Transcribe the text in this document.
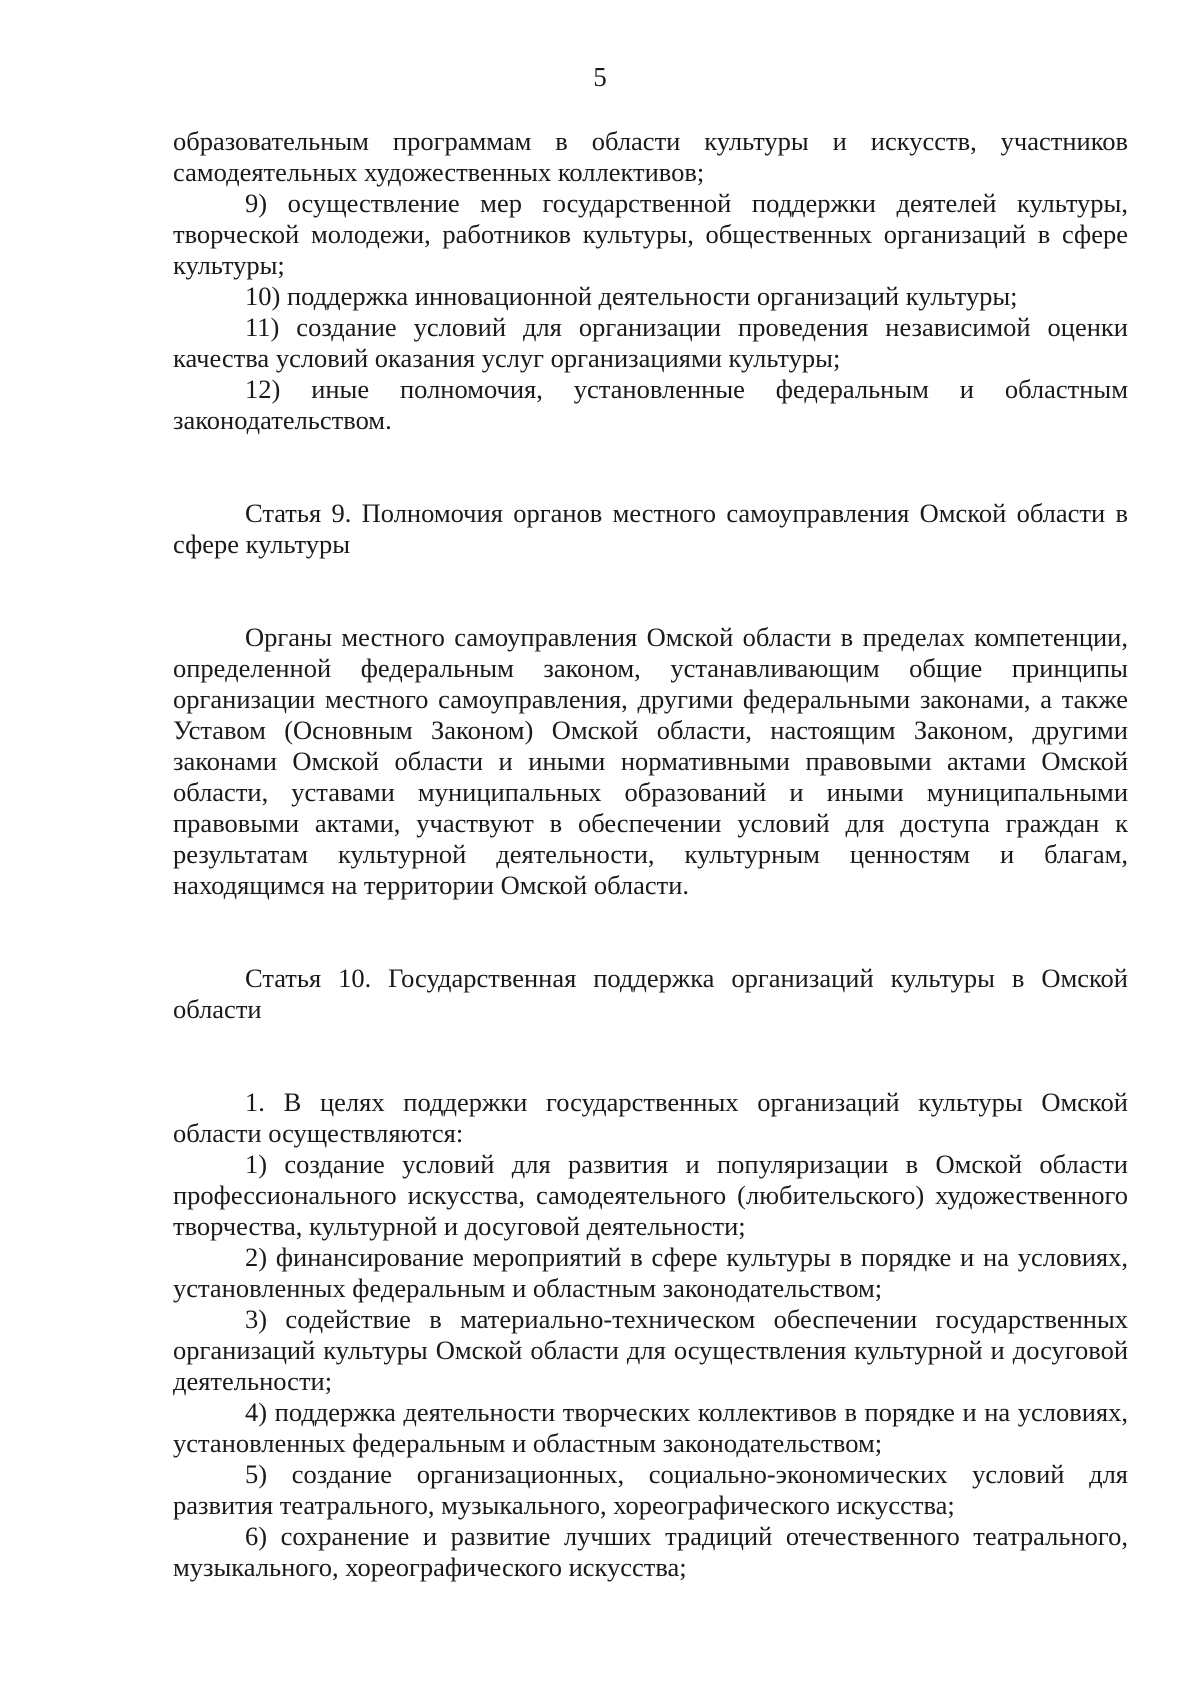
5

образовательным программам в области культуры и искусств, участников самодеятельных художественных коллективов;

9) осуществление мер государственной поддержки деятелей культуры, творческой молодежи, работников культуры, общественных организаций в сфере культуры;

10) поддержка инновационной деятельности организаций культуры;

11) создание условий для организации проведения независимой оценки качества условий оказания услуг организациями культуры;

12) иные полномочия, установленные федеральным и областным законодательством.

Статья 9. Полномочия органов местного самоуправления Омской области в сфере культуры

Органы местного самоуправления Омской области в пределах компетенции, определенной федеральным законом, устанавливающим общие принципы организации местного самоуправления, другими федеральными законами, а также Уставом (Основным Законом) Омской области, настоящим Законом, другими законами Омской области и иными нормативными правовыми актами Омской области, уставами муниципальных образований и иными муниципальными правовыми актами, участвуют в обеспечении условий для доступа граждан к результатам культурной деятельности, культурным ценностям и благам, находящимся на территории Омской области.

Статья 10. Государственная поддержка организаций культуры в Омской области

1. В целях поддержки государственных организаций культуры Омской области осуществляются:

1) создание условий для развития и популяризации в Омской области профессионального искусства, самодеятельного (любительского) художественного творчества, культурной и досуговой деятельности;

2) финансирование мероприятий в сфере культуры в порядке и на условиях, установленных федеральным и областным законодательством;

3) содействие в материально-техническом обеспечении государственных организаций культуры Омской области для осуществления культурной и досуговой деятельности;

4) поддержка деятельности творческих коллективов в порядке и на условиях, установленных федеральным и областным законодательством;

5) создание организационных, социально-экономических условий для развития театрального, музыкального, хореографического искусства;

6) сохранение и развитие лучших традиций отечественного театрального, музыкального, хореографического искусства;
